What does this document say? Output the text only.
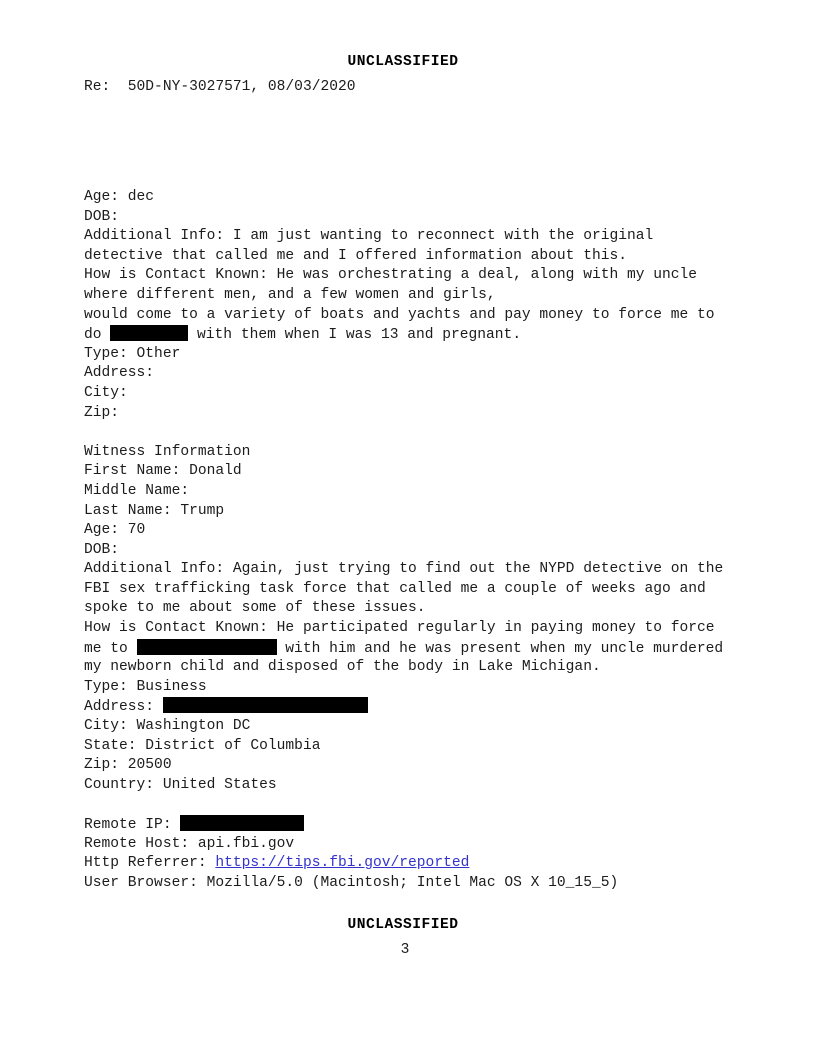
UNCLASSIFIED
Re:  50D-NY-3027571, 08/03/2020
Age: dec
DOB:
Additional Info: I am just wanting to reconnect with the original
detective that called me and I offered information about this.
How is Contact Known: He was orchestrating a deal, along with my uncle
where different men, and a few women and girls,
would come to a variety of boats and yachts and pay money to force me to
do	with them when I was 13 and pregnant.
Type: Other
Address:
City:
Zip:
Witness Information
First Name: Donald
Middle Name:
Last Name: Trump
Age: 70
DOB:
Additional Info: Again, just trying to find out the NYPD detective on the
FBI sex trafficking task force that called me a couple of weeks ago and
spoke to me about some of these issues.
How is Contact Known: He participated regularly in paying money to force
me to	with him and he was present when my uncle murdered
my newborn child and disposed of the body in Lake Michigan.
Type: Business
Address:
City: Washington DC
State: District of Columbia
Zip: 20500
Country: United States
Remote IP:
Remote Host: api.fbi.gov
Http Referrer: https://tips.fbi.gov/reported
User Browser: Mozilla/5.0 (Macintosh; Intel Mac OS X 10_15_5)
UNCLASSIFIED
3
